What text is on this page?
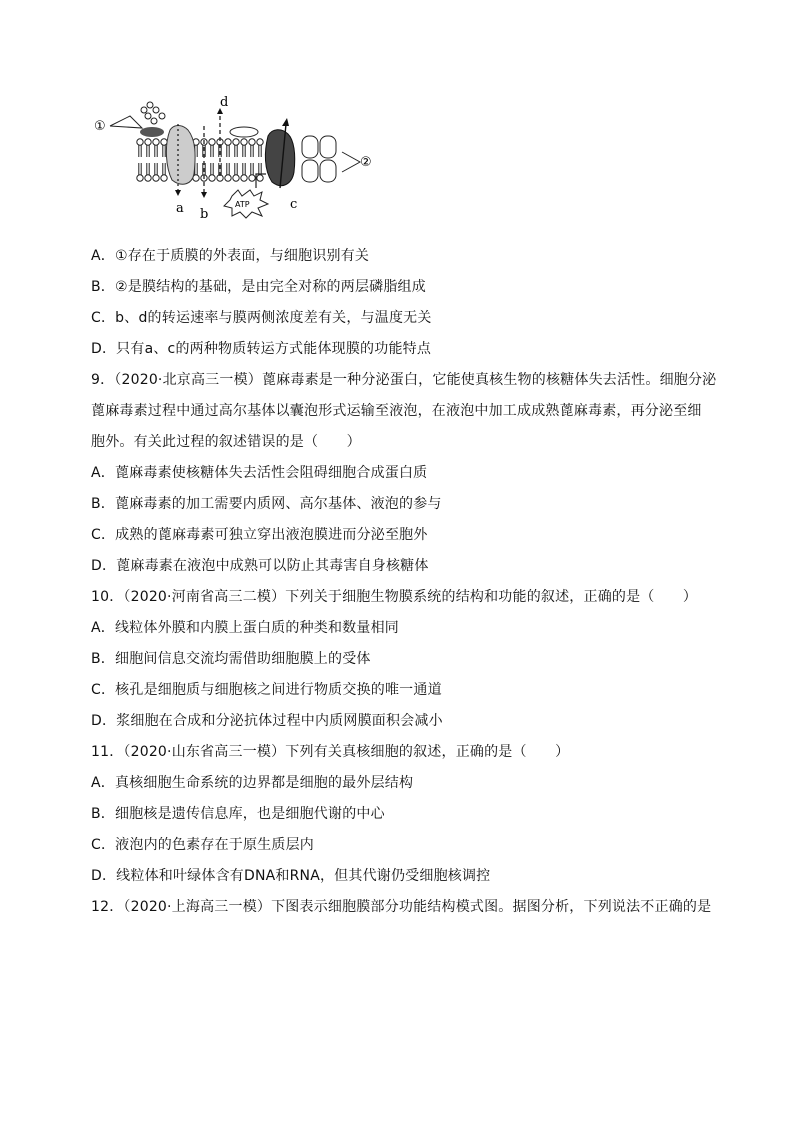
①
a b
d
c
ATP
②
A．①存在于质膜的外表面，与细胞识别有关
B．②是膜结构的基础，是由完全对称的两层磷脂组成
C．b、d的转运速率与膜两侧浓度差有关，与温度无关
D．只有a、c的两种物质转运方式能体现膜的功能特点
9．（2020·北京高三一模）蓖麻毒素是一种分泌蛋白，它能使真核生物的核糖体失去活性。细胞分泌
蓖麻毒素过程中通过高尔基体以囊泡形式运输至液泡，在液泡中加工成成熟蓖麻毒素，再分泌至细
胞外。有关此过程的叙述错误的是（　　）
A．蓖麻毒素使核糖体失去活性会阻碍细胞合成蛋白质
B．蓖麻毒素的加工需要内质网、高尔基体、液泡的参与
C．成熟的蓖麻毒素可独立穿出液泡膜进而分泌至胞外
D．蓖麻毒素在液泡中成熟可以防止其毒害自身核糖体
10．（2020·河南省高三二模）下列关于细胞生物膜系统的结构和功能的叙述，正确的是（　　）
A．线粒体外膜和内膜上蛋白质的种类和数量相同
B．细胞间信息交流均需借助细胞膜上的受体
C．核孔是细胞质与细胞核之间进行物质交换的唯一通道
D．浆细胞在合成和分泌抗体过程中内质网膜面积会减小
11．（2020·山东省高三一模）下列有关真核细胞的叙述，正确的是（　　）
A．真核细胞生命系统的边界都是细胞的最外层结构
B．细胞核是遗传信息库，也是细胞代谢的中心
C．液泡内的色素存在于原生质层内
D．线粒体和叶绿体含有DNA和RNA，但其代谢仍受细胞核调控
12．（2020·上海高三一模）下图表示细胞膜部分功能结构模式图。据图分析，下列说法不正确的是
